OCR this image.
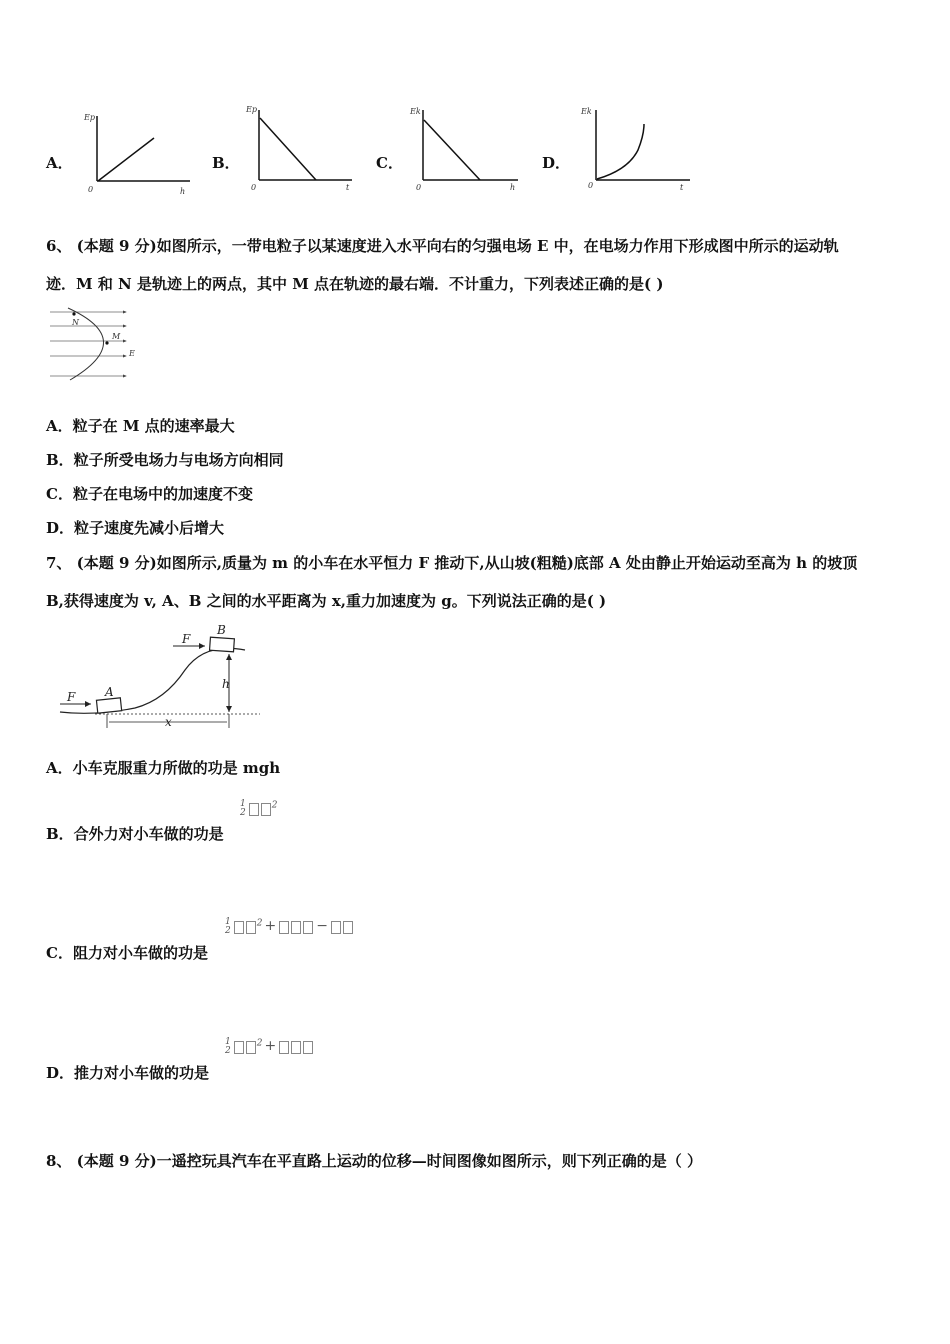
A．
Ep
h
0
B．
Ep
t
0
C．
Ek
h
0
D．
Ek
t
0
6、 (本题 9 分)如图所示，一带电粒子以某速度进入水平向右的匀强电场 E 中，在电场力作用下形成图中所示的运动轨
迹．M 和 N 是轨迹上的两点，其中 M 点在轨迹的最右端．不计重力，下列表述正确的是( )
N
M
E
A．粒子在 M 点的速率最大
B．粒子所受电场力与电场方向相同
C．粒子在电场中的加速度不变
D．粒子速度先减小后增大
7、 (本题 9 分)如图所示,质量为 m 的小车在水平恒力 F 推动下,从山坡(粗糙)底部 A 处由静止开始运动至高为 h 的坡顶
B,获得速度为 v, A、B 之间的水平距离为 x,重力加速度为 g。下列说法正确的是( )
F
F
A
B
h
x
A．小车克服重力所做的功是 mgh
B．合外力对小车做的功是
1
$2^2$
C．阻力对小车做的功是
1
$2^2$ +	−
D．推力对小车做的功是
1
$2^2$ +
8、 (本题 9 分)一遥控玩具汽车在平直路上运动的位移—时间图像如图所示，则下列正确的是（ ）
